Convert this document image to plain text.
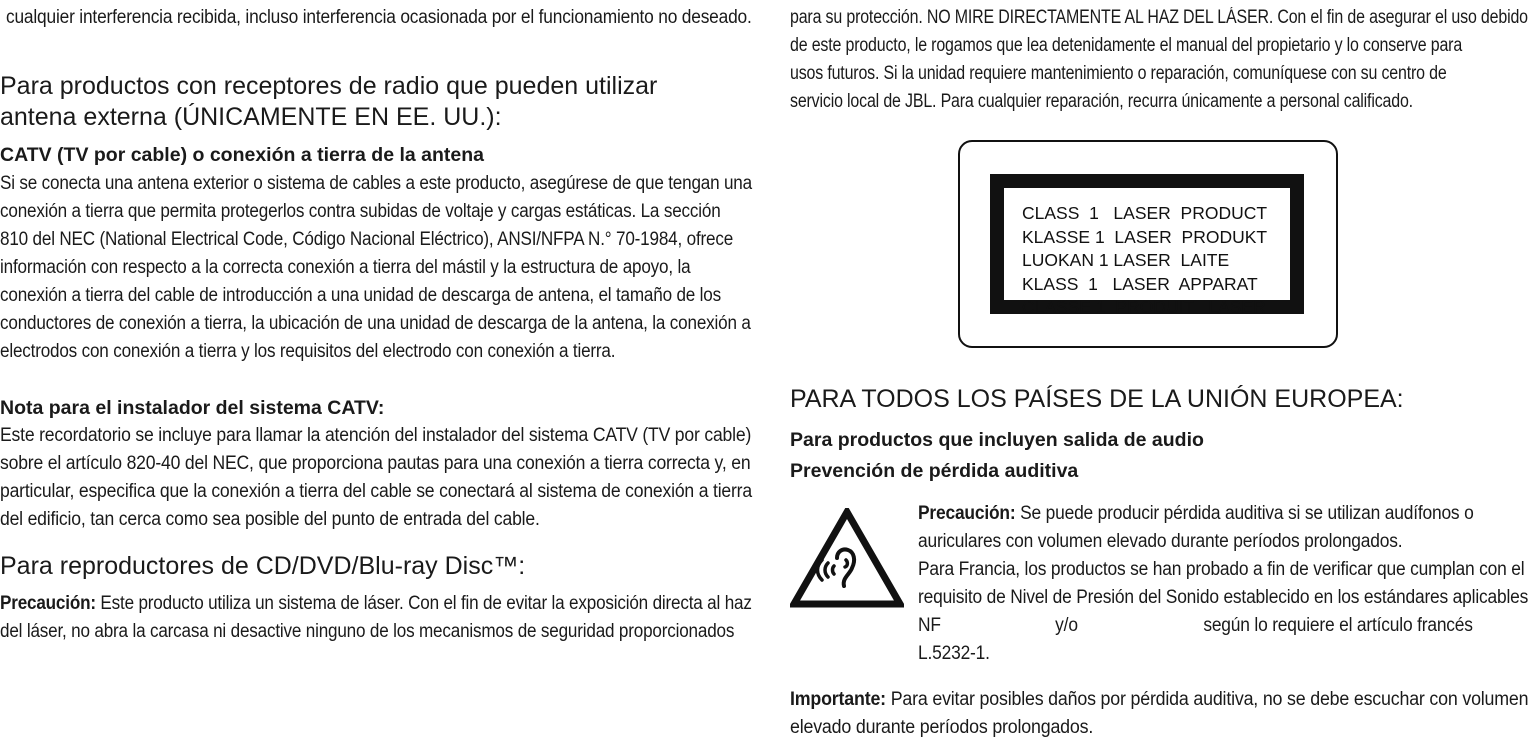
cualquier interferencia recibida, incluso interferencia ocasionada por el funcionamiento no deseado.
Para productos con receptores de radio que pueden utilizar
antena externa (ÚNICAMENTE EN EE. UU.):
CATV (TV por cable) o conexión a tierra de la antena
Si se conecta una antena exterior o sistema de cables a este producto, asegúrese de que tengan una
conexión a tierra que permita protegerlos contra subidas de voltaje y cargas estáticas. La sección
810 del NEC (National Electrical Code, Código Nacional Eléctrico), ANSI/NFPA N.° 70-1984, ofrece
información con respecto a la correcta conexión a tierra del mástil y la estructura de apoyo, la
conexión a tierra del cable de introducción a una unidad de descarga de antena, el tamaño de los
conductores de conexión a tierra, la ubicación de una unidad de descarga de la antena, la conexión a
electrodos con conexión a tierra y los requisitos del electrodo con conexión a tierra.
Nota para el instalador del sistema CATV:
Este recordatorio se incluye para llamar la atención del instalador del sistema CATV (TV por cable)
sobre el artículo 820-40 del NEC, que proporciona pautas para una conexión a tierra correcta y, en
particular, especifica que la conexión a tierra del cable se conectará al sistema de conexión a tierra
del edificio, tan cerca como sea posible del punto de entrada del cable.
Para reproductores de CD/DVD/Blu-ray Disc™:
Precaución: Este producto utiliza un sistema de láser. Con el fin de evitar la exposición directa al haz
del láser, no abra la carcasa ni desactive ninguno de los mecanismos de seguridad proporcionados
para su protección. NO MIRE DIRECTAMENTE AL HAZ DEL LÁSER. Con el fin de asegurar el uso debido
de este producto, le rogamos que lea detenidamente el manual del propietario y lo conserve para
usos futuros. Si la unidad requiere mantenimiento o reparación, comuníquese con su centro de
servicio local de JBL. Para cualquier reparación, recurra únicamente a personal calificado.
PARA TODOS LOS PAÍSES DE LA UNIÓN EUROPEA:
Para productos que incluyen salida de audio
Prevención de pérdida auditiva
Precaución: Se puede producir pérdida auditiva si se utilizan audífonos o
auriculares con volumen elevado durante períodos prolongados.
Para Francia, los productos se han probado a fin de verificar que cumplan con el
requisito de Nivel de Presión del Sonido establecido en los estándares aplicables
NF	y/o	según lo requiere el artículo francés
L.5232-1.
Importante: Para evitar posibles daños por pérdida auditiva, no se debe escuchar con volumen
elevado durante períodos prolongados.
CLASS  1   LASER  PRODUCT
KLASSE 1  LASER  PRODUKT
LUOKAN 1 LASER  LAITE
KLASS  1   LASER  APPARAT
CLASSE 1  PRODUIT   LASER
